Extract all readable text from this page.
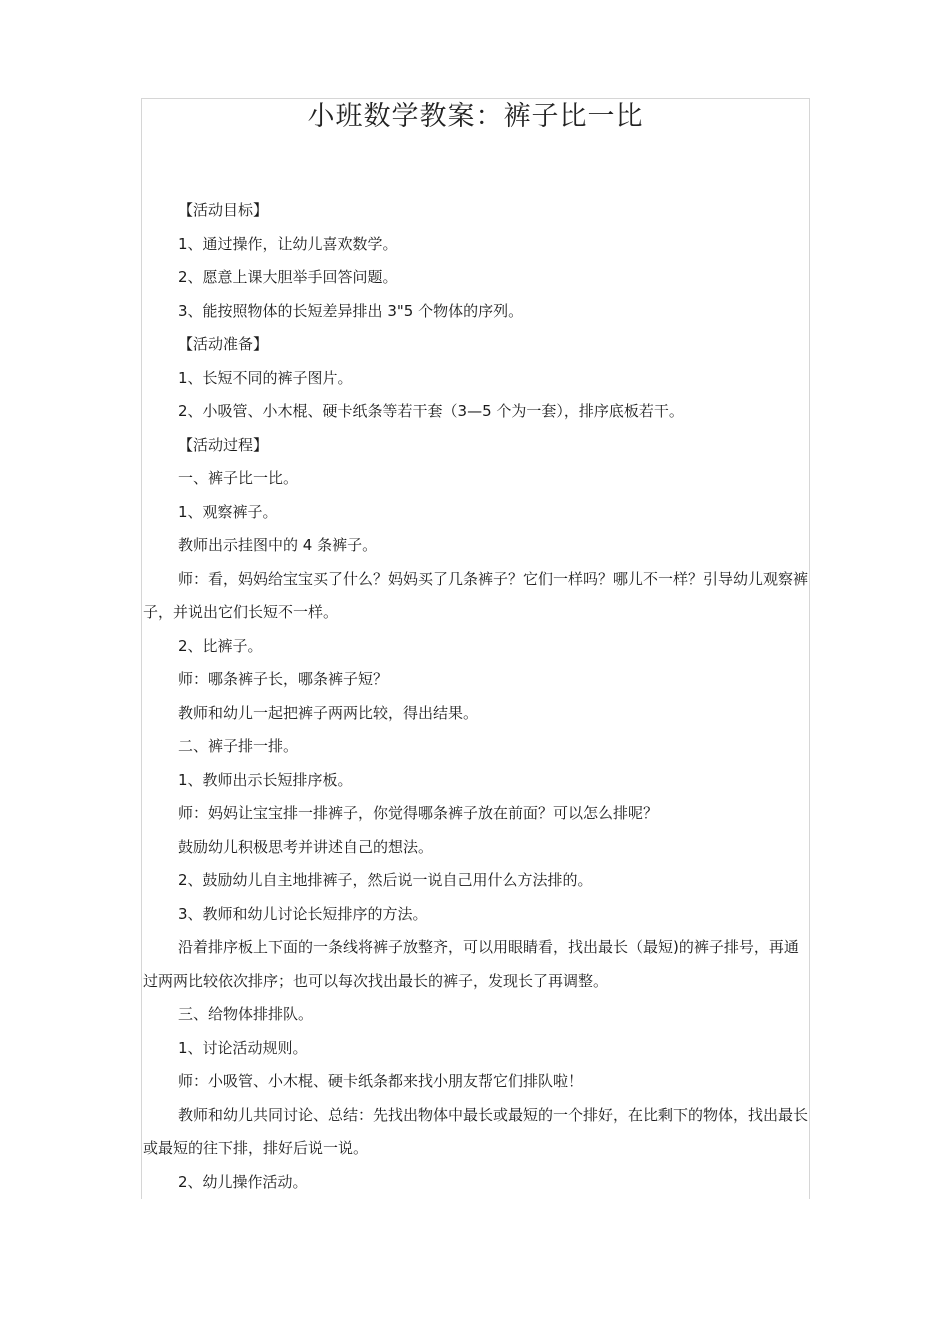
小班数学教案：裤子比一比

【活动目标】

1、通过操作，让幼儿喜欢数学。

2、愿意上课大胆举手回答问题。

3、能按照物体的长短差异排出 3"5 个物体的序列。

【活动准备】

1、长短不同的裤子图片。

2、小吸管、小木棍、硬卡纸条等若干套（3—5 个为一套），排序底板若干。

【活动过程】

一、裤子比一比。

1、观察裤子。

教师出示挂图中的 4 条裤子。

师：看，妈妈给宝宝买了什么？妈妈买了几条裤子？它们一样吗？哪儿不一样？引导幼儿观察裤子，并说出它们长短不一样。

2、比裤子。

师：哪条裤子长，哪条裤子短？

教师和幼儿一起把裤子两两比较，得出结果。

二、裤子排一排。

1、教师出示长短排序板。

师：妈妈让宝宝排一排裤子，你觉得哪条裤子放在前面？可以怎么排呢？

鼓励幼儿积极思考并讲述自己的想法。

2、鼓励幼儿自主地排裤子，然后说一说自己用什么方法排的。

3、教师和幼儿讨论长短排序的方法。

沿着排序板上下面的一条线将裤子放整齐，可以用眼睛看，找出最长（最短)的裤子排号，再通过两两比较依次排序；也可以每次找出最长的裤子，发现长了再调整。

三、给物体排排队。

1、讨论活动规则。

师：小吸管、小木棍、硬卡纸条都来找小朋友帮它们排队啦！

教师和幼儿共同讨论、总结：先找出物体中最长或最短的一个排好，在比剩下的物体，找出最长或最短的往下排，排好后说一说。

2、幼儿操作活动。
